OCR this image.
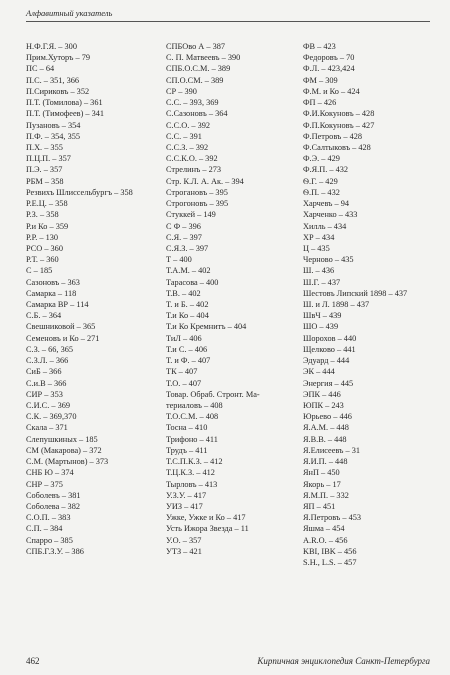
Алфавитный указатель
Н.Ф.Г.Я. – 300
Прим.Хуторъ – 79
ПС – 64
П.С. – 351, 366
П.Сириковъ – 352
П.Т. (Томилова) – 361
П.Т. (Тимофеев) – 341
Пузановъ – 354
П.Ф. – 354, 355
П.Х. – 355
П.Ц.П. – 357
П.Э. – 357
РБМ – 358
Резвихъ Шлиссельбургъ – 358
Р.Е.Ц. – 358
Р.З. – 358
Р.и Ко – 359
Р.Р. – 130
РСО – 360
Р.Т. – 360
С – 185
Сазоновъ – 363
Самарка – 118
Самарка ВР – 114
С.Б. – 364
Свешниковой – 365
Семеновъ и Ко – 271
С.З. – 66, 365
С.З.Л. – 366
СиБ – 366
С.и.В – 366
СИР – 353
С.И.С. – 369
С.К. – 369,370
Скала – 371
Слепушкиных – 185
СМ (Макарова) – 372
С.М. (Мартынов) – 373
СНБ Ю – 374
СНР – 375
Соболевъ – 381
Соболева – 382
С.О.П. – 383
С.П. – 384
Спарро – 385
СПБ.Г.З.У. – 386
СПБОво А – 387
С. П. Матвеевъ – 390
СПБ.О.С.М. – 389
СП.О.СМ. – 389
СР – 390
С.С. – 393, 369
С.Сазоновъ – 364
С.С.О. – 392
С.С. – 391
С.С.З. – 392
С.С.К.О. – 392
Стрелинъ – 273
Стр. К.Л. А. Ак. – 394
Строгановъ – 395
Строгоновъ – 395
Стуккей – 149
С Ф – 396
С.Я. – 397
С.Я.З. – 397
Т – 400
Т.А.М. – 402
Тарасова – 400
Т.В. – 402
Т. и Б. – 402
Т.и Ко – 404
Т.и Ко Кремнитъ – 404
ТиЛ – 406
Т.и С. – 406
Т. и Ф. – 407
ТК – 407
Т.О. – 407
Товар. Обраб. Стронт. Ма-
териаловъ – 408
Т.О.С.М. – 408
Тосна – 410
Трифоно – 411
Трудъ – 411
Т.С.П.К.З. – 412
Т.Ц.К.З. – 412
Тырловъ – 413
У.З.У. – 417
УИЗ – 417
Ужке, Ужке и Ко – 417
Усть Ижора Звезда – 11
У.О. – 357
УТЗ – 421
ФВ – 423
Федоровъ – 70
Ф.Л. – 423,424
ФМ – 309
Ф.М. и Ко – 424
ФП – 426
Ф.И.Кокуновъ – 428
Ф.П.Кокуновъ – 427
Ф.Петровъ – 428
Ф.Салтыковъ – 428
Ф.Э. – 429
Ф.Я.П. – 432
Ѳ.Г. – 429
Ѳ.П. – 432
Харчевъ – 94
Харченко – 433
Хилль – 434
ХР – 434
Ц – 435
Черново – 435
Ш. – 436
Ш.Г. – 437
Шестовъ Липский 1898 – 437
Ш. и Л. 1898 – 437
ШвЧ – 439
ШО – 439
Шорохов – 440
Щелково – 441
Эдуард – 444
ЭК – 444
Энергия – 445
ЭПК – 446
ЮПК – 243
Юрьево – 446
Я.А.М. – 448
Я.В.В. – 448
Я.Елисеевъ – 31
Я.И.П. – 448
ЯнП – 450
Якорь – 17
Я.М.П. – 332
ЯП – 451
Я.Петровъ – 453
Яшма – 454
A.R.O. – 456
KBI, IBK – 456
S.H., L.S. – 457
462	Кирпичная энциклопедия Санкт-Петербурга
